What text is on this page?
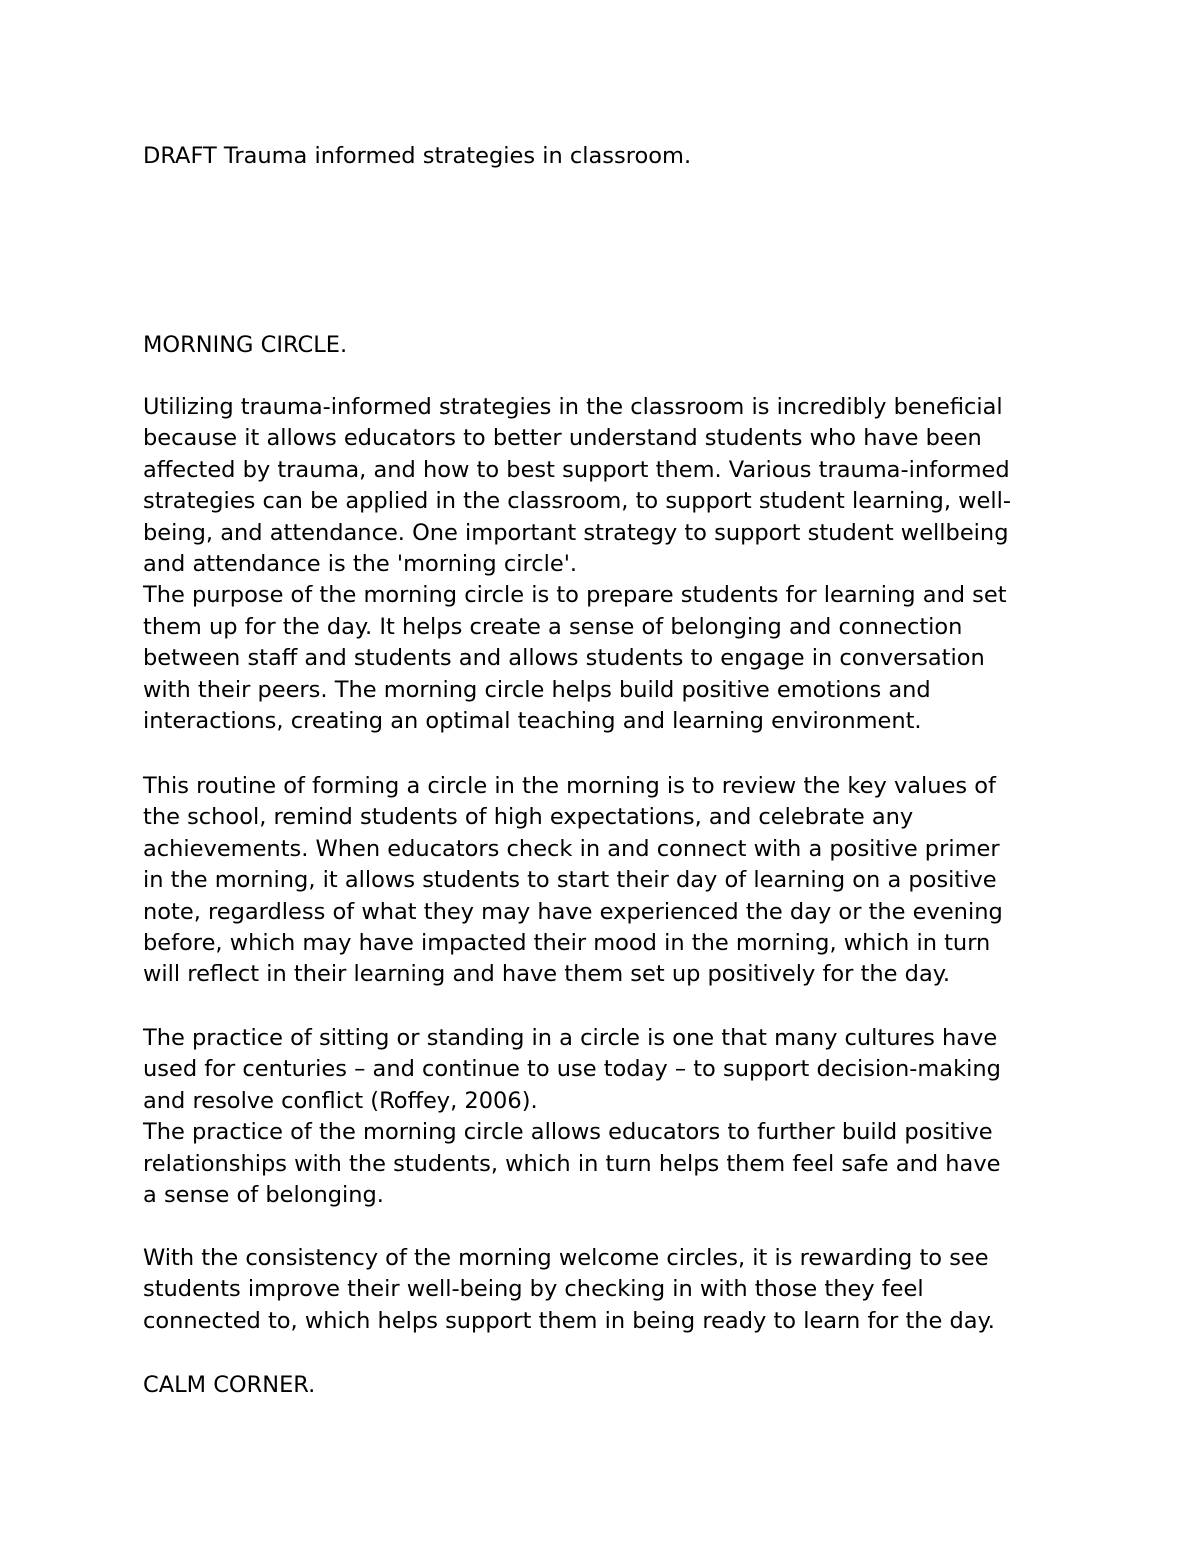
DRAFT Trauma informed strategies in classroom.

MORNING CIRCLE.

Utilizing trauma-informed strategies in the classroom is incredibly beneficial
because it allows educators to better understand students who have been
affected by trauma, and how to best support them. Various trauma-informed
strategies can be applied in the classroom, to support student learning, well-
being, and attendance. One important strategy to support student wellbeing
and attendance is the 'morning circle'.
The purpose of the morning circle is to prepare students for learning and set
them up for the day. It helps create a sense of belonging and connection
between staff and students and allows students to engage in conversation
with their peers. The morning circle helps build positive emotions and
interactions, creating an optimal teaching and learning environment.

This routine of forming a circle in the morning is to review the key values of
the school, remind students of high expectations, and celebrate any
achievements. When educators check in and connect with a positive primer
in the morning, it allows students to start their day of learning on a positive
note, regardless of what they may have experienced the day or the evening
before, which may have impacted their mood in the morning, which in turn
will reflect in their learning and have them set up positively for the day.

The practice of sitting or standing in a circle is one that many cultures have
used for centuries – and continue to use today – to support decision-making
and resolve conflict (Roffey, 2006).
The practice of the morning circle allows educators to further build positive
relationships with the students, which in turn helps them feel safe and have
a sense of belonging.

With the consistency of the morning welcome circles, it is rewarding to see
students improve their well-being by checking in with those they feel
connected to, which helps support them in being ready to learn for the day.

CALM CORNER.
